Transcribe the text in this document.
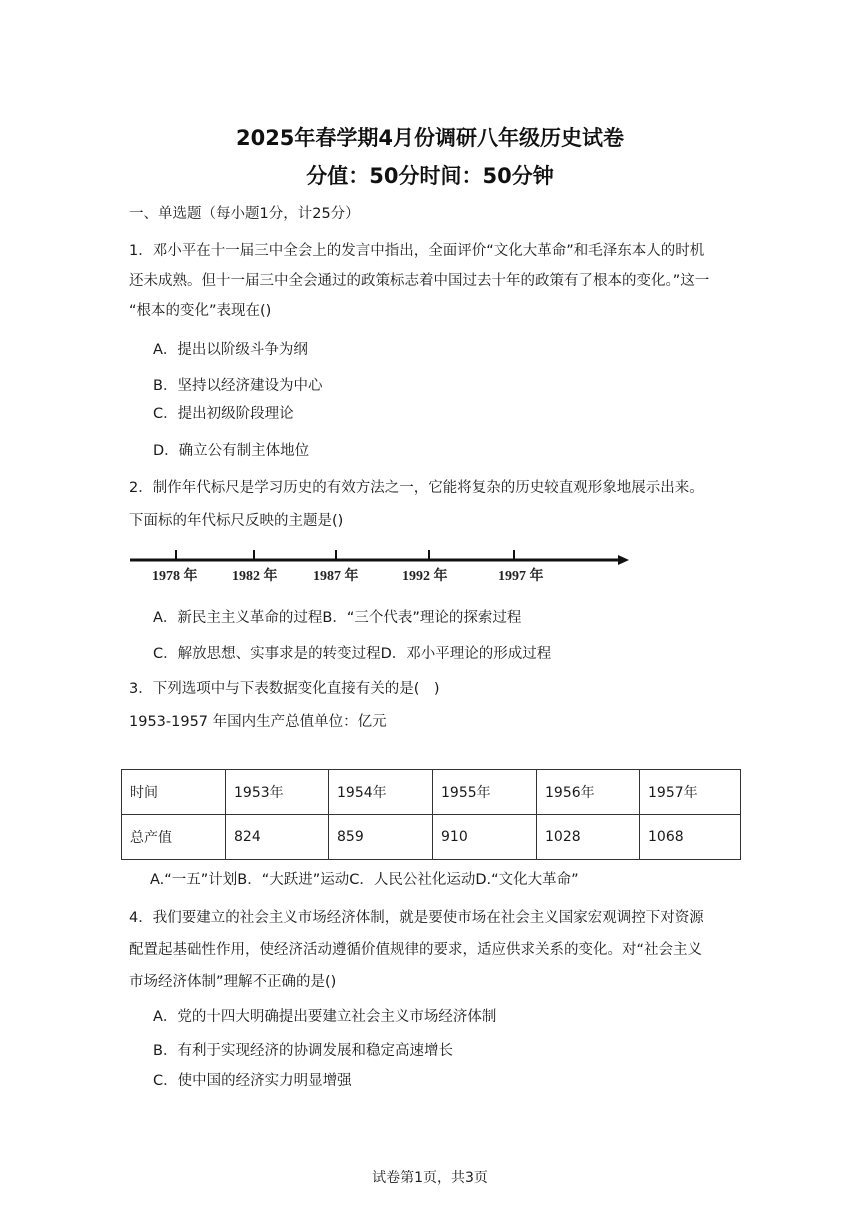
2025年春学期4月份调研八年级历史试卷
分值：50分时间：50分钟
一、单选题（每小题1分，计25分）
1．邓小平在十一届三中全会上的发言中指出，全面评价“文化大革命”和毛泽东本人的时机
还未成熟。但十一届三中全会通过的政策标志着中国过去十年的政策有了根本的变化。”这一
“根本的变化”表现在()
A．提出以阶级斗争为纲
B．坚持以经济建设为中心
C．提出初级阶段理论
D．确立公有制主体地位
2．制作年代标尺是学习历史的有效方法之一，它能将复杂的历史较直观形象地展示出来。
下面标的年代标尺反映的主题是()
1978 年 1982 年	1987 年	1992 年	1997 年
A．新民主主义革命的过程B．“三个代表”理论的探索过程
C．解放思想、实事求是的转变过程D．邓小平理论的形成过程
3．下列选项中与下表数据变化直接有关的是(　)
1953-1957 年国内生产总值单位：亿元
时间	1953年	1954年	1955年	1956年	1957年
总产值	824	859	910	1028	1068
A.“一五”计划B．“大跃进”运动C．人民公社化运动D.“文化大革命”
4．我们要建立的社会主义市场经济体制，就是要使市场在社会主义国家宏观调控下对资源
配置起基础性作用，使经济活动遵循价值规律的要求，适应供求关系的变化。对“社会主义
市场经济体制”理解不正确的是()
A．党的十四大明确提出要建立社会主义市场经济体制
B．有利于实现经济的协调发展和稳定高速增长
C．使中国的经济实力明显增强
试卷第1页，共3页
